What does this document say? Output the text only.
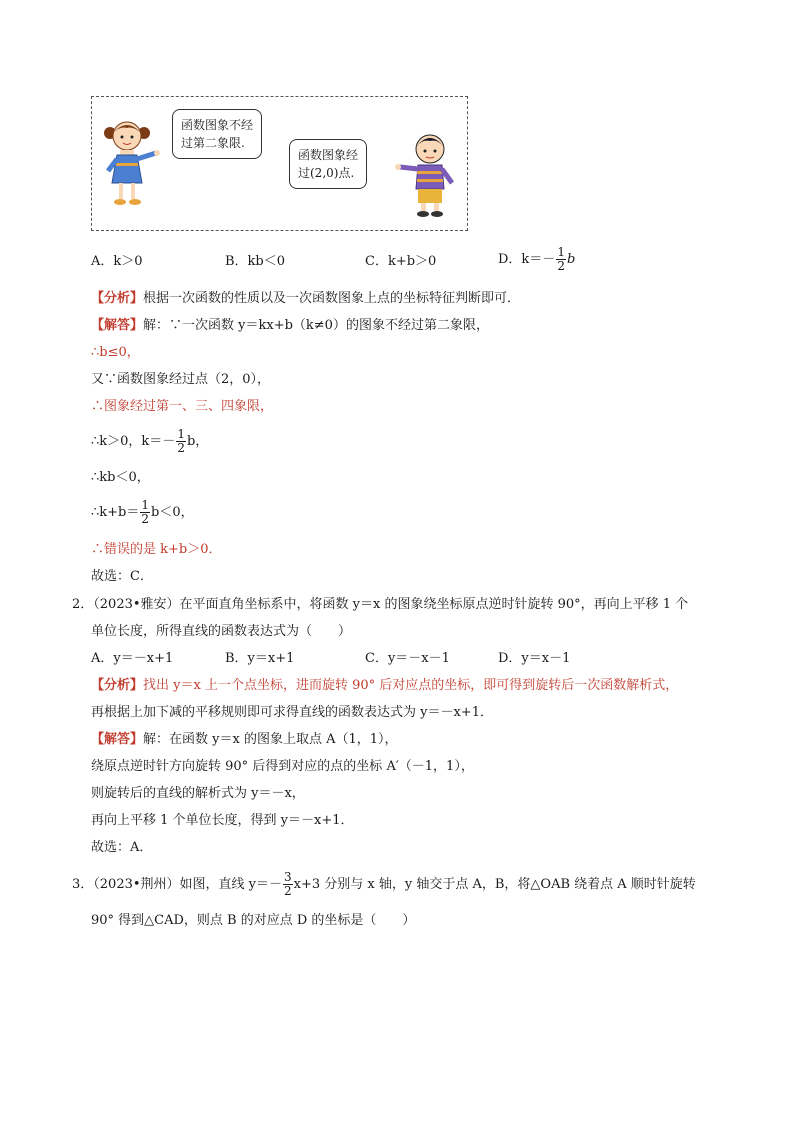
函数图象不经
过第二象限.
函数图象经
过(2,0)点.
A．k＞0	B．kb＜0	C．k+b＞0	D．$k=- \frac{1}{2}$ b
【分析】根据一次函数的性质以及一次函数图象上点的坐标特征判断即可．
【解答】解：∵一次函数 y＝kx+b（k≠0）的图象不经过第二象限，
∴b≤0，
又∵函数图象经过点（2，0），
∴图象经过第一、三、四象限，
∴k＞0，$k=- \frac{1}{2}$ b，
∴kb＜0，
∴k+b＝ $\frac{1}{2} b<0$，
∴错误的是 k+b＞0．
故选：C．
2．（2023•雅安）在平面直角坐标系中，将函数 y＝x 的图象绕坐标原点逆时针旋转 90°，再向上平移 1 个
单位长度，所得直线的函数表达式为（　　）
A．y＝－x+1	B．y＝x+1	C．y＝－x－1	D．y＝x－1
【分析】找出 y＝x 上一个点坐标，进而旋转 90° 后对应点的坐标，即可得到旋转后一次函数解析式，
再根据上加下减的平移规则即可求得直线的函数表达式为 y＝－x+1．
【解答】解：在函数 y＝x 的图象上取点 A（1，1），
绕原点逆时针方向旋转 90° 后得到对应的点的坐标 A′（－1，1），
则旋转后的直线的解析式为 y＝－x，
再向上平移 1 个单位长度，得到 y＝－x+1．
故选：A．
3．（2023•荆州）如图，直线 $y=- \frac{3}{2} x+3$ 分别与 x 轴，y 轴交于点 A，B，将△OAB 绕着点 A 顺时针旋转
90° 得到△CAD，则点 B 的对应点 D 的坐标是（　　）
